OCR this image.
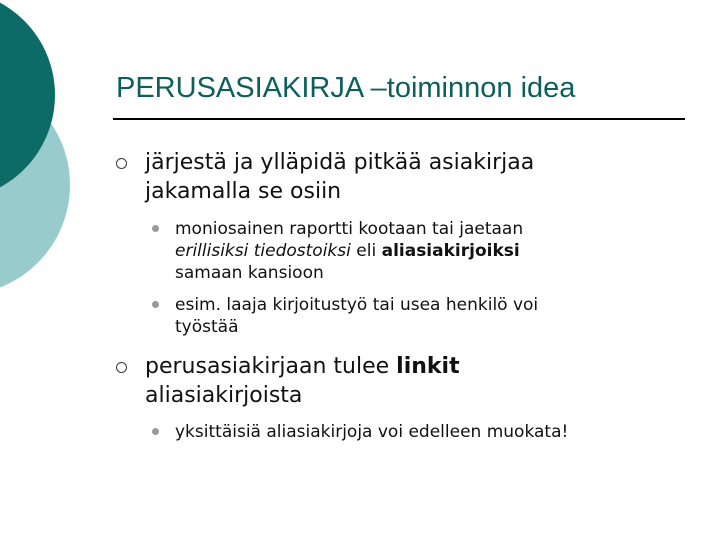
PERUSASIAKIRJA –toiminnon idea
järjestä ja ylläpidä pitkää asiakirjaa
jakamalla se osiin
moniosainen raportti kootaan tai jaetaan
erillisiksi tiedostoiksi eli aliasiakirjoiksi
samaan kansioon
esim. laaja kirjoitustyö tai usea henkilö voi
työstää
perusasiakirjaan tulee linkit
aliasiakirjoista
yksittäisiä aliasiakirjoja voi edelleen muokata!
